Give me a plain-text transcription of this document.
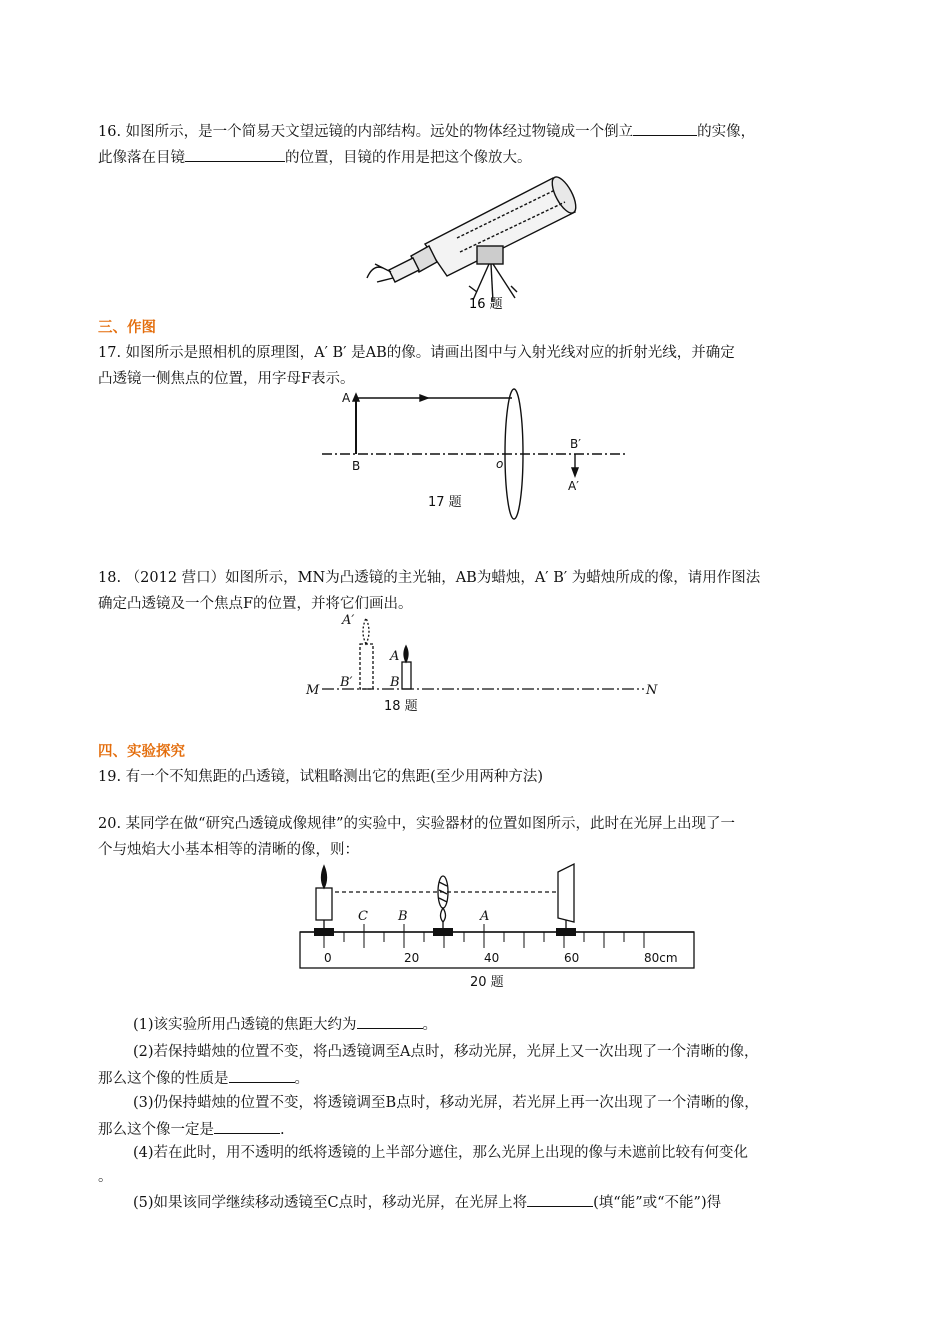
16. 如图所示，是一个简易天文望远镜的内部结构。远处的物体经过物镜成一个倒立	的实像，
此像落在目镜	的位置，目镜的作用是把这个像放大。
16 题
三、作图
17. 如图所示是照相机的原理图，A′ B′ 是AB的像。请画出图中与入射光线对应的折射光线，并确定
凸透镜一侧焦点的位置，用字母F表示。
A
B	o
B′
A′
17 题
18. （2012 营口）如图所示，MN为凸透镜的主光轴，AB为蜡烛，A′ B′ 为蜡烛所成的像，请用作图法
确定凸透镜及一个焦点F的位置，并将它们画出。
A′
B′
A
B
M	N
18 题
四、实验探究
19. 有一个不知焦距的凸透镜，试粗略测出它的焦距(至少用两种方法)
20. 某同学在做“研究凸透镜成像规律”的实验中，实验器材的位置如图所示，此时在光屏上出现了一
个与烛焰大小基本相等的清晰的像，则：
0	20	40	60	80cm
20 题
C B	A
(1)该实验所用凸透镜的焦距大约为	。
(2)若保持蜡烛的位置不变，将凸透镜调至A点时，移动光屏，光屏上又一次出现了一个清晰的像，
那么这个像的性质是	。
(3)仍保持蜡烛的位置不变，将透镜调至B点时，移动光屏，若光屏上再一次出现了一个清晰的像，
那么这个像一定是	.
(4)若在此时，用不透明的纸将透镜的上半部分遮住，那么光屏上出现的像与未遮前比较有何变化
。
(5)如果该同学继续移动透镜至C点时，移动光屏，在光屏上将	(填“能”或“不能”)得
